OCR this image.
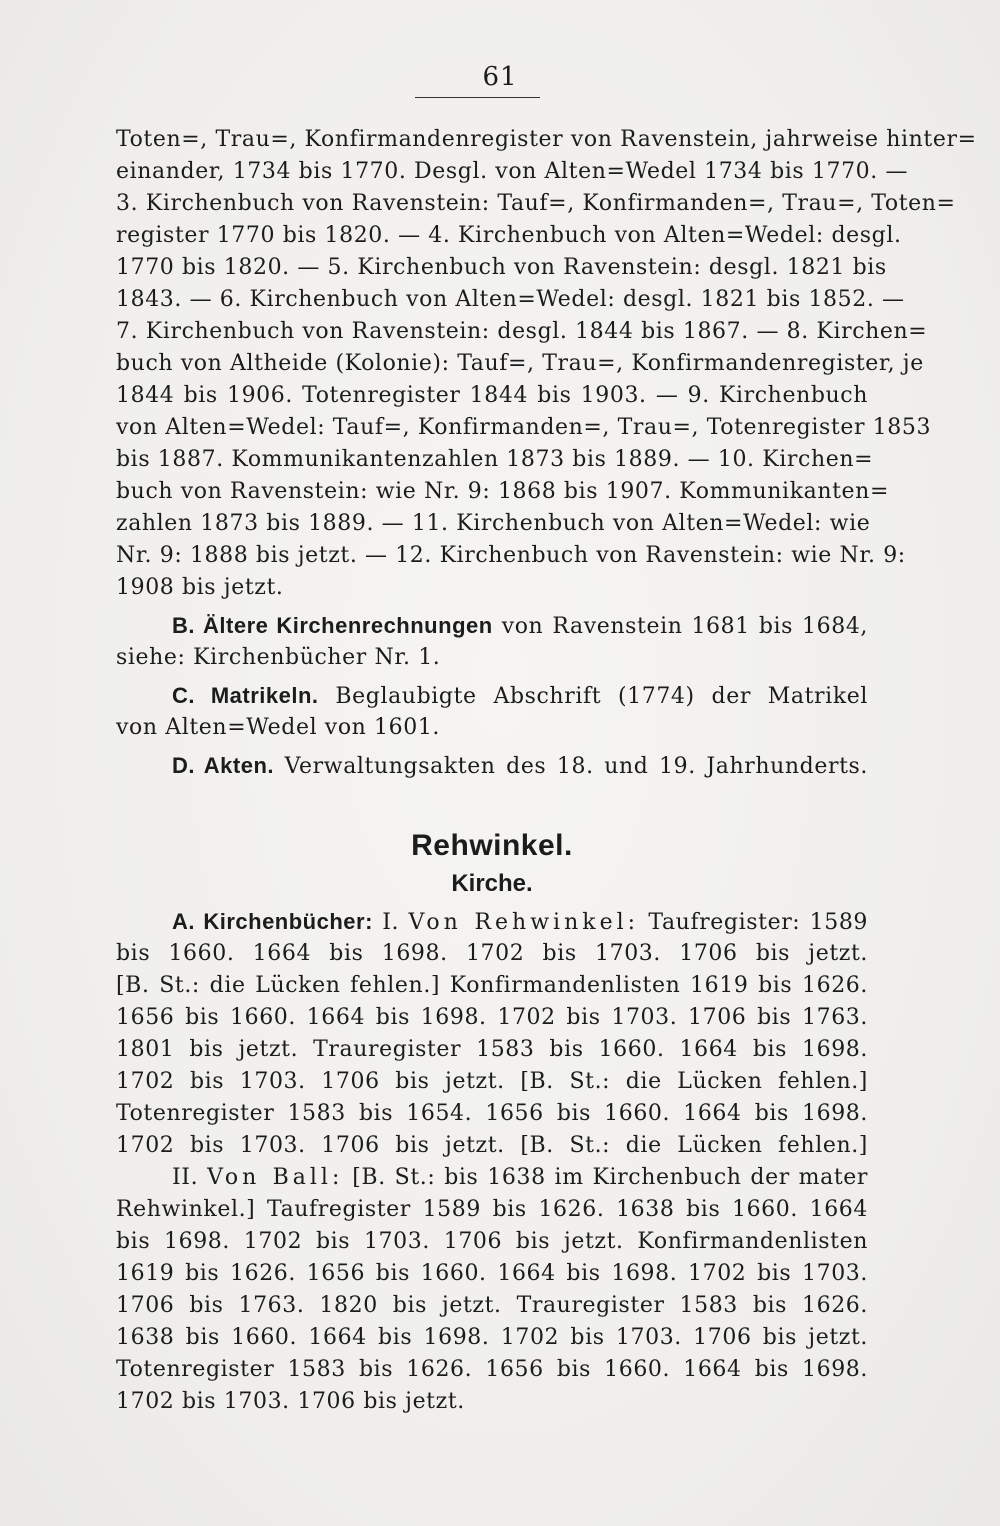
61
Toten=, Trau=, Konfirmandenregister von Ravenstein, jahrweise hinter=
einander, 1734 bis 1770. Desgl. von Alten=Wedel 1734 bis 1770. —
3. Kirchenbuch von Ravenstein: Tauf=, Konfirmanden=, Trau=, Toten=
register 1770 bis 1820. — 4. Kirchenbuch von Alten=Wedel: desgl.
1770 bis 1820. — 5. Kirchenbuch von Ravenstein: desgl. 1821 bis
1843. — 6. Kirchenbuch von Alten=Wedel: desgl. 1821 bis 1852. —
7. Kirchenbuch von Ravenstein: desgl. 1844 bis 1867. — 8. Kirchen=
buch von Altheide (Kolonie): Tauf=, Trau=, Konfirmandenregister, je
1844 bis 1906. Totenregister 1844 bis 1903. — 9. Kirchenbuch
von Alten=Wedel: Tauf=, Konfirmanden=, Trau=, Totenregister 1853
bis 1887. Kommunikantenzahlen 1873 bis 1889. — 10. Kirchen=
buch von Ravenstein: wie Nr. 9: 1868 bis 1907. Kommunikanten=
zahlen 1873 bis 1889. — 11. Kirchenbuch von Alten=Wedel: wie
Nr. 9: 1888 bis jetzt. — 12. Kirchenbuch von Ravenstein: wie Nr. 9:
1908 bis jetzt.
B. Ältere Kirchenrechnungen von Ravenstein 1681 bis 1684,
siehe: Kirchenbücher Nr. 1.
C. Matrikeln. Beglaubigte Abschrift (1774) der Matrikel
von Alten=Wedel von 1601.
D. Akten. Verwaltungsakten des 18. und 19. Jahrhunderts.
Rehwinkel.
Kirche.
A. Kirchenbücher: I. Von Rehwinkel: Taufregister: 1589
bis 1660. 1664 bis 1698. 1702 bis 1703. 1706 bis jetzt.
[B. St.: die Lücken fehlen.] Konfirmandenlisten 1619 bis 1626.
1656 bis 1660. 1664 bis 1698. 1702 bis 1703. 1706 bis 1763.
1801 bis jetzt. Trauregister 1583 bis 1660. 1664 bis 1698.
1702 bis 1703. 1706 bis jetzt. [B. St.: die Lücken fehlen.]
Totenregister 1583 bis 1654. 1656 bis 1660. 1664 bis 1698.
1702 bis 1703. 1706 bis jetzt. [B. St.: die Lücken fehlen.]
II. Von Ball: [B. St.: bis 1638 im Kirchenbuch der mater
Rehwinkel.] Taufregister 1589 bis 1626. 1638 bis 1660. 1664
bis 1698. 1702 bis 1703. 1706 bis jetzt. Konfirmandenlisten
1619 bis 1626. 1656 bis 1660. 1664 bis 1698. 1702 bis 1703.
1706 bis 1763. 1820 bis jetzt. Trauregister 1583 bis 1626.
1638 bis 1660. 1664 bis 1698. 1702 bis 1703. 1706 bis jetzt.
Totenregister 1583 bis 1626. 1656 bis 1660. 1664 bis 1698.
1702 bis 1703. 1706 bis jetzt.
